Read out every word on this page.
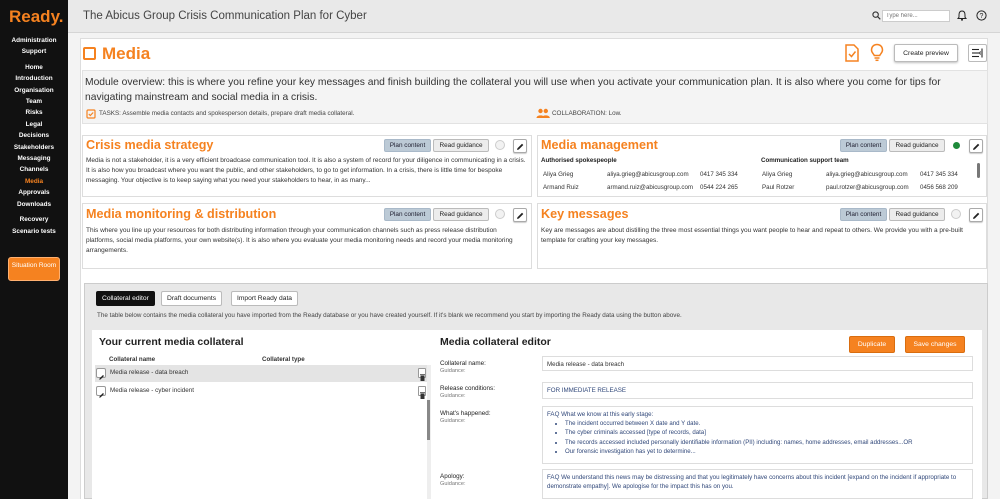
Ready.
Administration
Support
Home
Introduction
Organisation
Team
Risks
Legal
Decisions
Stakeholders
Messaging
Channels
Media
Approvals
Downloads
Recovery
Scenario tests
Situation Room
The Abicus Group Crisis Communication Plan for Cyber
Type here...	?
Media	Create preview
Module overview: this is where you refine your key messages and finish building the collateral you will use when you activate your communication plan. It is also where you come for tips for navigating mainstream and social media in a crisis.
TASKS: Assemble media contacts and spokesperson details, prepare draft media collateral.	COLLABORATION: Low.
Crisis media strategy	Plan content	Read guidance
Media is not a stakeholder, it is a very efficient broadcase communication tool. It is also a system of record for your diligence in communicating in a crisis. It is also how you broadcast where you want the public, and other stakeholders, to go to get information. In a crisis, there is little time for bespoke messaging. Your objective is to keep saying what you need your stakeholders to hear, in as many...
Media monitoring & distribution	Plan content	Read guidance
This where you line up your resources for both distributing information through your communication channels such as press release distribution platforms, social media platforms, your own website(s). It is also where you evaluate your media monitoring needs and record your media monitoring arrangements.
Media management	Plan content	Read guidance
Authorised spokespeople	Communication support team
Aliya Grieg	aliya.grieg@abicusgroup.com 0417 345 334
Armand Ruiz	armand.ruiz@abicusgroup.com 0544 224 265
Aliya Grieg	aliya.grieg@abicusgroup.com 0417 345 334
Paul Rotzer	paul.rotzer@abicusgroup.com 0456 568 209
Key messages	Plan content	Read guidance
Key are messages are about distilling the three most essential things you want people to hear and repeat to others. We provide you with a pre-built template for crafting your key messages.
Collateral editor	Draft documents	Import Ready data
The table below contains the media collateral you have imported from the Ready database or you have created yourself. If it's blank we recommend you start by importing the Ready data using the button above.
Your current media collateral
Collateral name	Collateral type
Media release - data breach
Media release - cyber incident
Media collateral editor	Duplicate	Save changes
Collateral name:
Guidance:
Media release - data breach
Release conditions:
Guidance:
FOR IMMEDIATE RELEASE
What's happened:
Guidance:
FAQ What we know at this early stage:
• The incident occurred between X date and Y date.
• The cyber criminals accessed [type of records, data]
• The records accessed included personally identifiable information (PII) including: names, home addresses, email addresses...OR
• Our forensic investigation has yet to determine...
Apology:
Guidance:
FAQ We understand this news may be distressing and that you legitimately have concerns about this incident [expand on the incident if appropriate to demonstrate empathy]. We apologise for the impact this has on you.
